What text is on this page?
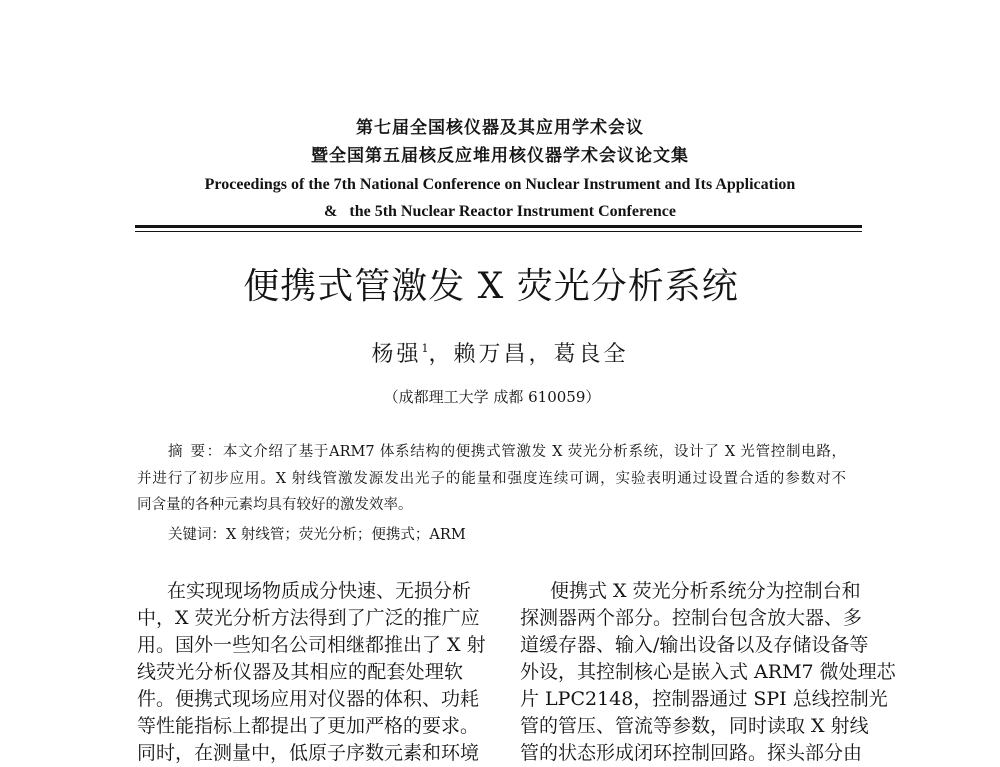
第七届全国核仪器及其应用学术会议
暨全国第五届核反应堆用核仪器学术会议论文集
Proceedings of the 7th National Conference on Nuclear Instrument and Its Application
&   the 5th Nuclear Reactor Instrument Conference
便携式管激发 X 荧光分析系统
杨强$^1$，赖万昌，葛良全
（成都理工大学 成都 610059）
摘 要：本文介绍了基于ARM7 体系结构的便携式管激发 X 荧光分析系统，设计了 X 光管控制电路，
并进行了初步应用。X 射线管激发源发出光子的能量和强度连续可调，实验表明通过设置合适的参数对不
同含量的各种元素均具有较好的激发效率。
关键词：X 射线管；荧光分析；便携式；ARM
在实现现场物质成分快速、无损分析
中，X 荧光分析方法得到了广泛的推广应
用。国外一些知名公司相继都推出了 X 射
线荧光分析仪器及其相应的配套处理软
件。便携式现场应用对仪器的体积、功耗
等性能指标上都提出了更加严格的要求。
同时，在测量中，低原子序数元素和环境
便携式 X 荧光分析系统分为控制台和
探测器两个部分。控制台包含放大器、多
道缓存器、输入/输出设备以及存储设备等
外设，其控制核心是嵌入式 ARM7 微处理芯
片 LPC2148，控制器通过 SPI 总线控制光
管的管压、管流等参数，同时读取 X 射线
管的状态形成闭环控制回路。探头部分由
